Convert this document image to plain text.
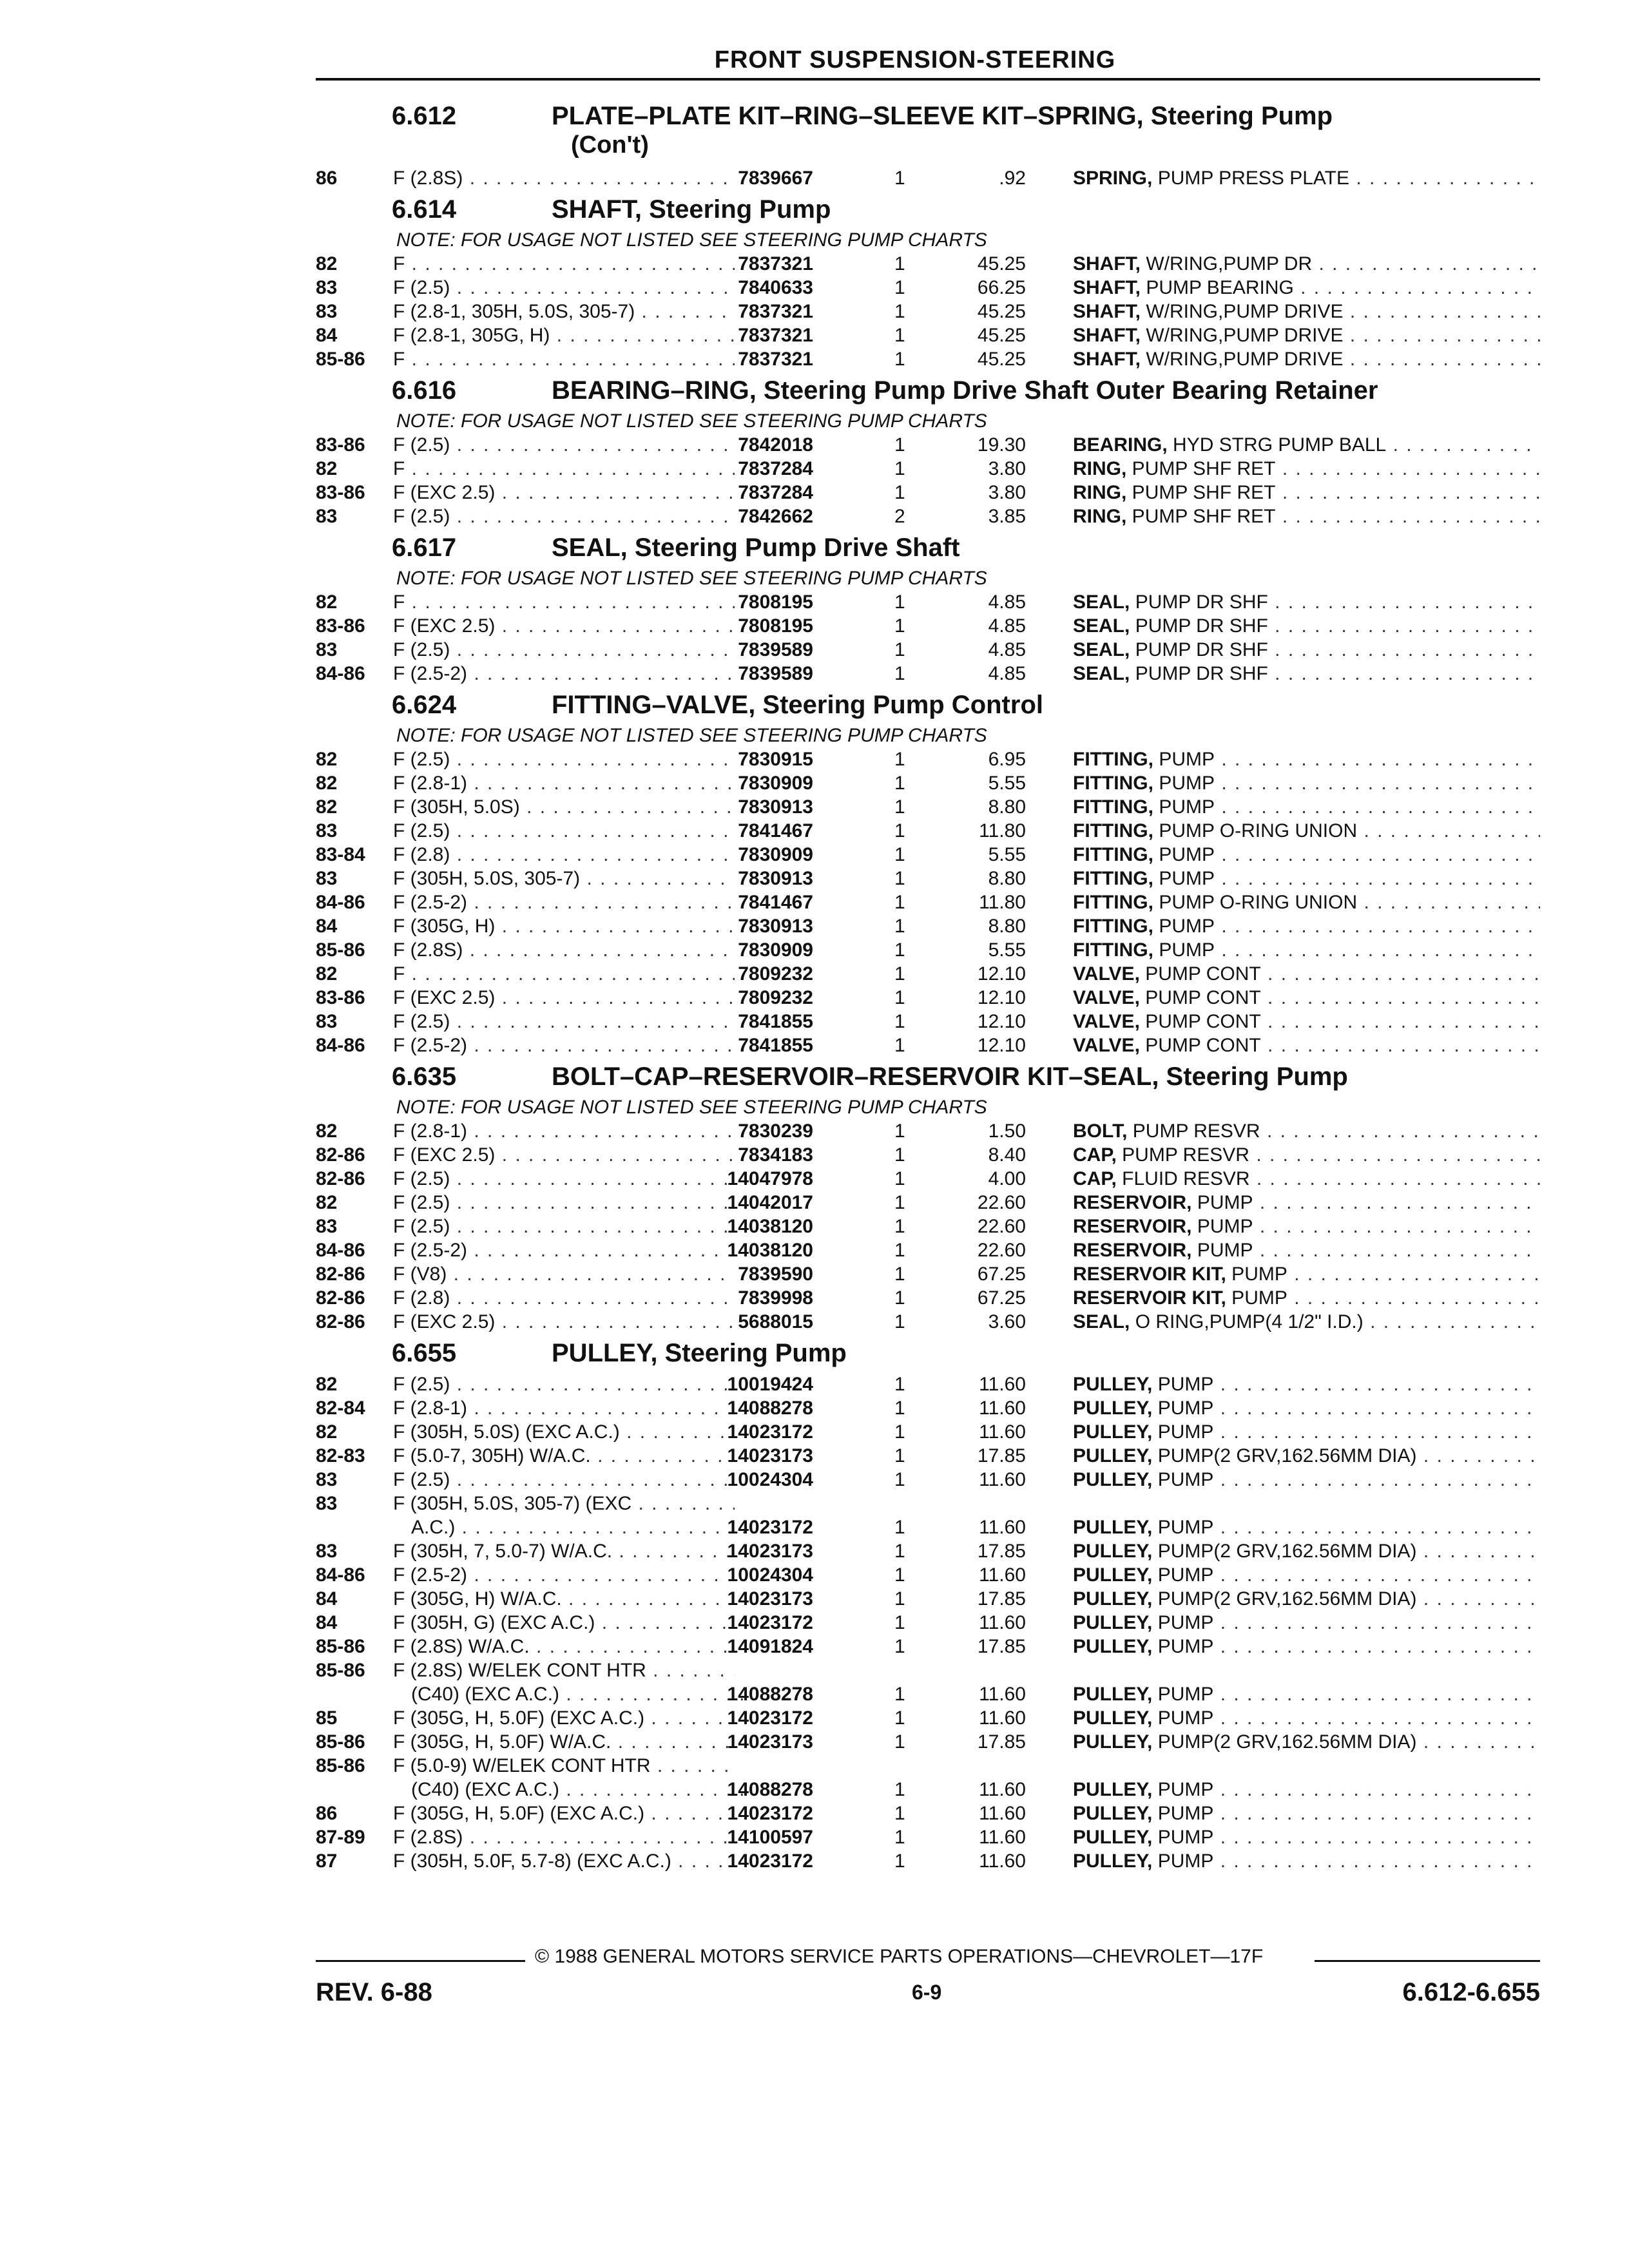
FRONT SUSPENSION-STEERING
6.612	PLATE–PLATE KIT–RING–SLEEVE KIT–SPRING, Steering Pump
(Con't)
86	F (2.8S) . . .	7839667	1	.92 SPRING, PUMP PRESS PLATE . . .
6.614	SHAFT, Steering Pump
NOTE: FOR USAGE NOT LISTED SEE STEERING PUMP CHARTS
82	F . . .	7837321	1	45.25 SHAFT, W/RING,PUMP DR . . .
83	F (2.5) . . .	7840633	1	66.25 SHAFT, PUMP BEARING . . .
83	F (2.8-1, 305H, 5.0S, 305-7) . . .	7837321	1	45.25 SHAFT, W/RING,PUMP DRIVE . . .
84	F (2.8-1, 305G, H) . . .	7837321	1	45.25 SHAFT, W/RING,PUMP DRIVE . . .
85-86 F . . .	7837321	1	45.25 SHAFT, W/RING,PUMP DRIVE . . .
6.616	BEARING–RING, Steering Pump Drive Shaft Outer Bearing Retainer
NOTE: FOR USAGE NOT LISTED SEE STEERING PUMP CHARTS
83-86 F (2.5) . . .	7842018	1	19.30 BEARING, HYD STRG PUMP BALL . . .
82	F . . .	7837284	1	3.80 RING, PUMP SHF RET . . .
83-86 F (EXC 2.5) . . .	7837284	1	3.80 RING, PUMP SHF RET . . .
83	F (2.5) . . .	7842662	2	3.85 RING, PUMP SHF RET . . .
6.617	SEAL, Steering Pump Drive Shaft
NOTE: FOR USAGE NOT LISTED SEE STEERING PUMP CHARTS
82	F . . .	7808195	1	4.85 SEAL, PUMP DR SHF . . .
83-86 F (EXC 2.5) . . .	7808195	1	4.85 SEAL, PUMP DR SHF . . .
83	F (2.5) . . .	7839589	1	4.85 SEAL, PUMP DR SHF . . .
84-86 F (2.5-2) . . .	7839589	1	4.85 SEAL, PUMP DR SHF . . .
6.624	FITTING–VALVE, Steering Pump Control
NOTE: FOR USAGE NOT LISTED SEE STEERING PUMP CHARTS
82	F (2.5) . . .	7830915	1	6.95 FITTING, PUMP . . .
82	F (2.8-1) . . .	7830909	1	5.55 FITTING, PUMP . . .
82	F (305H, 5.0S) . . .	7830913	1	8.80 FITTING, PUMP . . .
83	F (2.5) . . .	7841467	1	11.80 FITTING, PUMP O-RING UNION . . .
83-84 F (2.8) . . .	7830909	1	5.55 FITTING, PUMP . . .
83	F (305H, 5.0S, 305-7) . . .	7830913	1	8.80 FITTING, PUMP . . .
84-86 F (2.5-2) . . .	7841467	1	11.80 FITTING, PUMP O-RING UNION . . .
84	F (305G, H) . . .	7830913	1	8.80 FITTING, PUMP . . .
85-86 F (2.8S) . . .	7830909	1	5.55 FITTING, PUMP . . .
82	F . . .	7809232	1	12.10 VALVE, PUMP CONT . . .
83-86 F (EXC 2.5) . . .	7809232	1	12.10 VALVE, PUMP CONT . . .
83	F (2.5) . . .	7841855	1	12.10 VALVE, PUMP CONT . . .
84-86 F (2.5-2) . . .	7841855	1	12.10 VALVE, PUMP CONT . . .
6.635	BOLT–CAP–RESERVOIR–RESERVOIR KIT–SEAL, Steering Pump
NOTE: FOR USAGE NOT LISTED SEE STEERING PUMP CHARTS
82	F (2.8-1) . . .	7830239	1	1.50 BOLT, PUMP RESVR . . .
82-86 F (EXC 2.5) . . .	7834183	1	8.40 CAP, PUMP RESVR . . .
82-86 F (2.5) . . .	14047978	1	4.00 CAP, FLUID RESVR . . .
82	F (2.5) . . .	14042017	1	22.60 RESERVOIR, PUMP . . .
83	F (2.5) . . .	14038120	1	22.60 RESERVOIR, PUMP . . .
84-86 F (2.5-2) . . .	14038120	1	22.60 RESERVOIR, PUMP . . .
82-86 F (V8) . . .	7839590	1	67.25 RESERVOIR KIT, PUMP . . .
82-86 F (2.8) . . .	7839998	1	67.25 RESERVOIR KIT, PUMP . . .
82-86 F (EXC 2.5) . . .	5688015	1	3.60 SEAL, O RING,PUMP(4 1/2" I.D.) . . .
6.655	PULLEY, Steering Pump
82	F (2.5) . . .	10019424	1	11.60 PULLEY, PUMP . . .
82-84 F (2.8-1) . . .	14088278	1	11.60 PULLEY, PUMP . . .
82	F (305H, 5.0S) (EXC A.C.) . . .	14023172	1	11.60 PULLEY, PUMP . . .
82-83 F (5.0-7, 305H) W/A.C. . . .	14023173	1	17.85 PULLEY, PUMP(2 GRV,162.56MM DIA) . . .
83	F (2.5) . . .	10024304	1	11.60 PULLEY, PUMP . . .
83	F (305H, 5.0S, 305-7) (EXC . . .
A.C.) . . .	14023172	1	11.60 PULLEY, PUMP . . .
83	F (305H, 7, 5.0-7) W/A.C. . . .	14023173	1	17.85 PULLEY, PUMP(2 GRV,162.56MM DIA) . . .
84-86 F (2.5-2) . . .	10024304	1	11.60 PULLEY, PUMP . . .
84	F (305G, H) W/A.C. . . .	14023173	1	17.85 PULLEY, PUMP(2 GRV,162.56MM DIA) . . .
84	F (305H, G) (EXC A.C.) . . .	14023172	1	11.60 PULLEY, PUMP . . .
85-86 F (2.8S) W/A.C. . . .	14091824	1	17.85 PULLEY, PUMP . . .
85-86 F (2.8S) W/ELEK CONT HTR . . .
(C40) (EXC A.C.) . . .	14088278	1	11.60 PULLEY, PUMP . . .
85	F (305G, H, 5.0F) (EXC A.C.) . . .	14023172	1	11.60 PULLEY, PUMP . . .
85-86 F (305G, H, 5.0F) W/A.C. . . .	14023173	1	17.85 PULLEY, PUMP(2 GRV,162.56MM DIA) . . .
85-86 F (5.0-9) W/ELEK CONT HTR . . .
(C40) (EXC A.C.) . . .	14088278	1	11.60 PULLEY, PUMP . . .
86	F (305G, H, 5.0F) (EXC A.C.) . . .	14023172	1	11.60 PULLEY, PUMP . . .
87-89 F (2.8S) . . .	14100597	1	11.60 PULLEY, PUMP . . .
87	F (305H, 5.0F, 5.7-8) (EXC A.C.) . . .	14023172	1	11.60 PULLEY, PUMP . . .
© 1988 GENERAL MOTORS SERVICE PARTS OPERATIONS—CHEVROLET—17F
REV. 6-88	6-9	6.612-6.655
